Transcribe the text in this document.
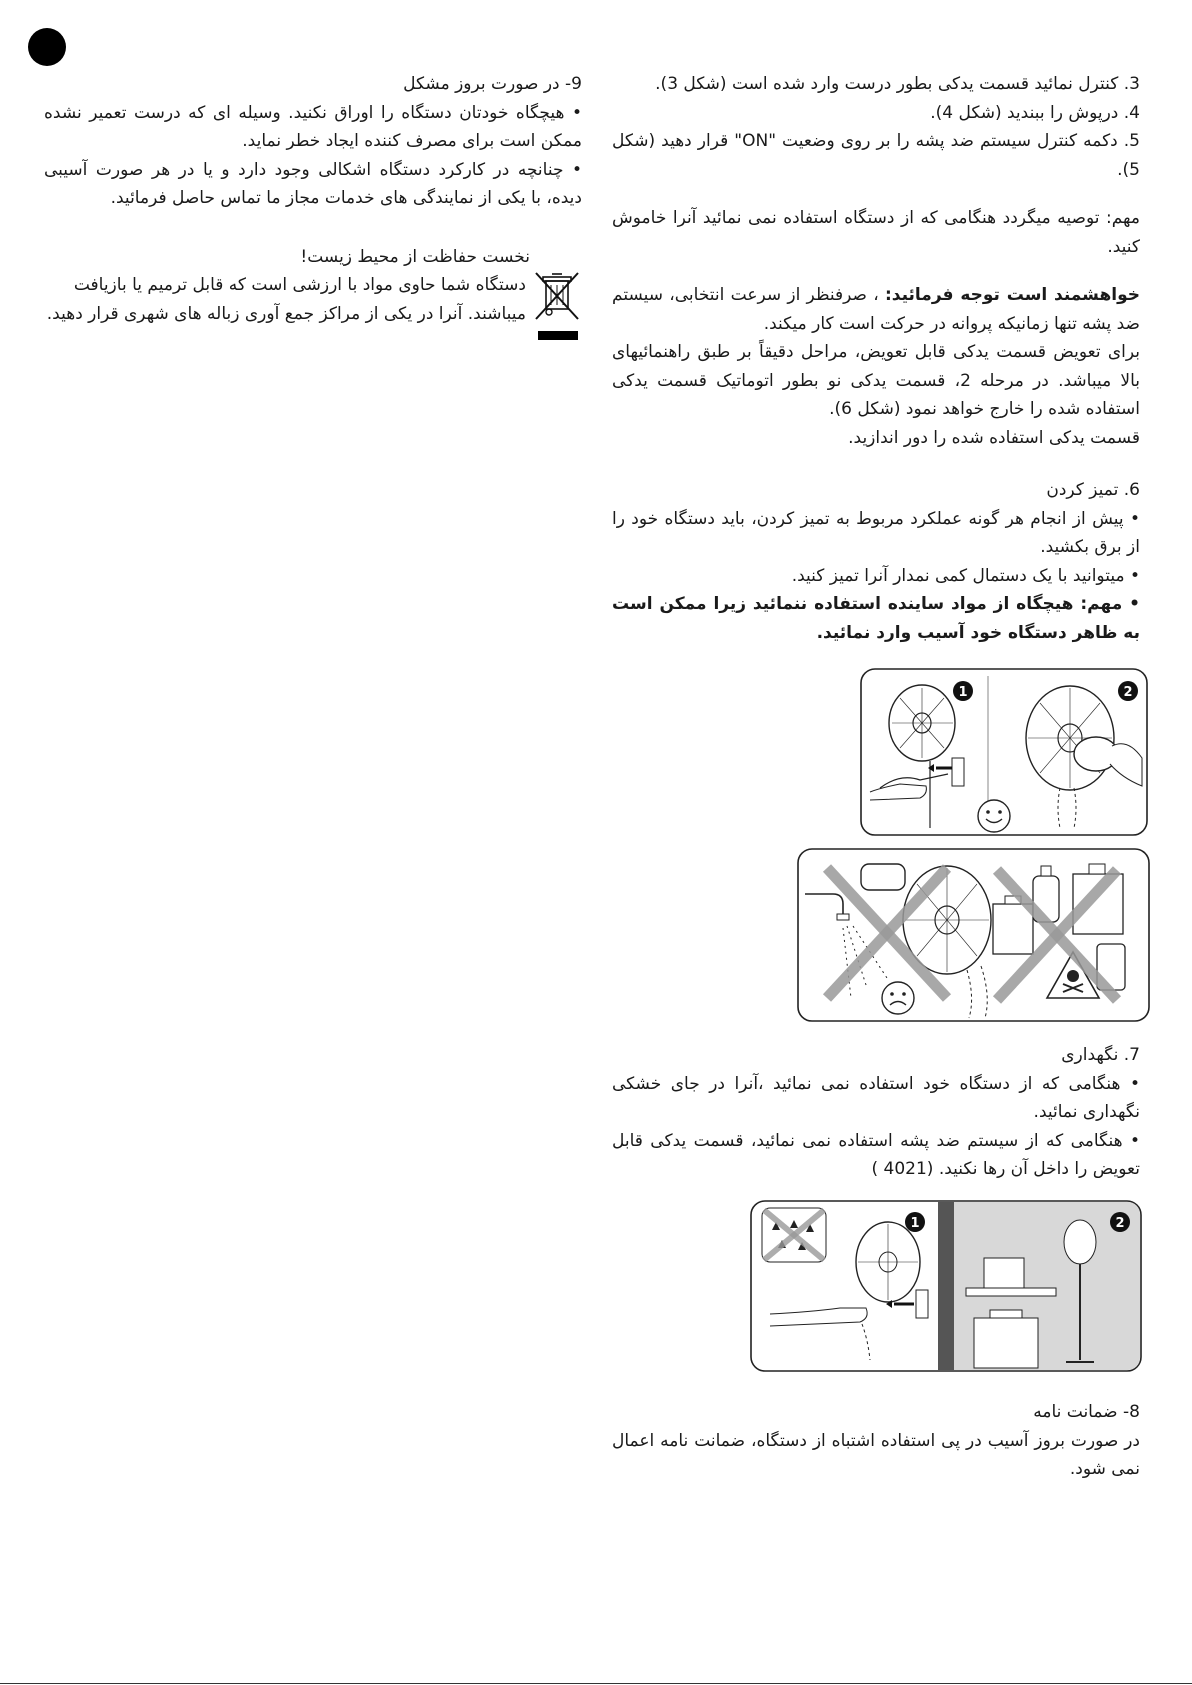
9- در صورت بروز مشکل

• هیچگاه خودتان دستگاه را اوراق نکنید. وسیله ای که درست تعمیر نشده ممکن است برای مصرف کننده ایجاد خطر نماید.

• چنانچه در کارکرد دستگاه اشکالی وجود دارد و یا در هر صورت آسیبی دیده، با یکی از نمایندگی های خدمات مجاز ما تماس حاصل فرمائید.

نخست حفاظت از محیط زیست!

دستگاه شما حاوی مواد با ارزشی است که قابل ترمیم یا بازیافت میباشند. آنرا در یکی از مراکز جمع آوری زباله های شهری قرار دهید.

3. کنترل نمائید قسمت یدکی بطور درست وارد شده است (شکل 3).

4. درپوش را ببندید (شکل 4).

5. دکمه کنترل سیستم ضد پشه را بر روی وضعیت "ON" قرار دهید (شکل 5).

مهم: توصیه میگردد هنگامی که از دستگاه استفاده نمی نمائید آنرا خاموش کنید.

خواهشمند است توجه فرمائید: ، صرفنظر از سرعت انتخابی، سیستم ضد پشه تنها زمانیکه پروانه در حرکت است کار میکند.

برای تعویض قسمت یدکی قابل تعویض، مراحل دقیقاً بر طبق راهنمائیهای بالا میباشد. در مرحله 2، قسمت یدکی نو بطور اتوماتیک قسمت یدکی استفاده شده را خارج خواهد نمود (شکل 6).

قسمت یدکی استفاده شده را دور اندازید.

6. تمیز کردن

• پیش از انجام هر گونه عملکرد مربوط به تمیز کردن، باید دستگاه خود را از برق بکشید.

• میتوانید با یک دستمال کمی نمدار آنرا تمیز کنید.

• مهم: هیچگاه از مواد ساینده استفاده ننمائید زیرا ممکن است به ظاهر دستگاه خود آسیب وارد نمائید.

1	2

7. نگهداری

• هنگامی که از دستگاه خود استفاده نمی نمائید ،آنرا در جای خشکی نگهداری نمائید.

• هنگامی که از سیستم ضد پشه استفاده نمی نمائید، قسمت یدکی قابل تعویض را داخل آن رها نکنید. (4021 )

1	2

8- ضمانت نامه

در صورت بروز آسیب در پی استفاده اشتباه از دستگاه، ضمانت نامه اعمال نمی شود.
